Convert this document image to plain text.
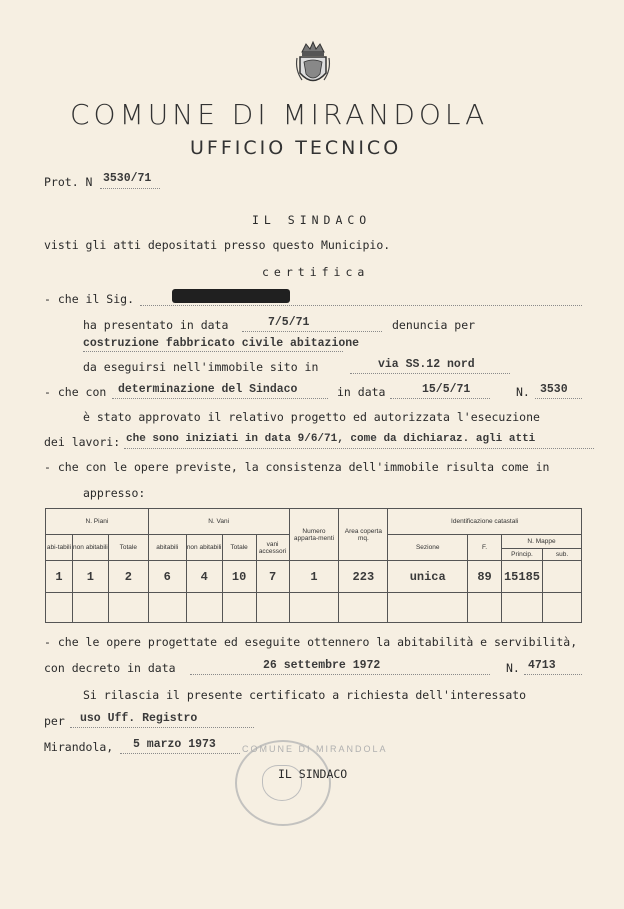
COMUNE DI MIRANDOLA
UFFICIO TECNICO
Prot. N 3530/71
IL SINDACO
visti gli atti depositati presso questo Municipio.
certifica
- che il Sig.
ha presentato in data	7/5/71	denuncia per
costruzione fabbricato civile abitazione
da eseguirsi nell'immobile sito in	via SS.12 nord
- che con determinazione del Sindaco	in data	15/5/71	N. 3530
è stato approvato il relativo progetto ed autorizzata l'esecuzione
dei lavori: che sono iniziati in data 9/6/71, come da dichiaraz. agli atti
- che con le opere previste, la consistenza dell'immobile risulta come in
appresso:
N. Piani			N. Vani				Numero apparta-menti	Area coperta mq.	Identificazione catastali			
abi-tabili	non abitabili	Totale	abitabili	non abitabili	Totale	vani accessori			Sezione	F.	N. Mappe	
											Princip.	sub.
1	1	2	6	4	10	7	1	223	unica	89	15185	

- che le opere progettate ed eseguite ottennero la abitabilità e servibilità,
con decreto in data	26 settembre 1972	N. 4713
Si rilascia il presente certificato a richiesta dell'interessato
per uso Uff. Registro
Mirandola, 5 marzo 1973	COMUNE DI MIRANDOLA
IL SINDACO
